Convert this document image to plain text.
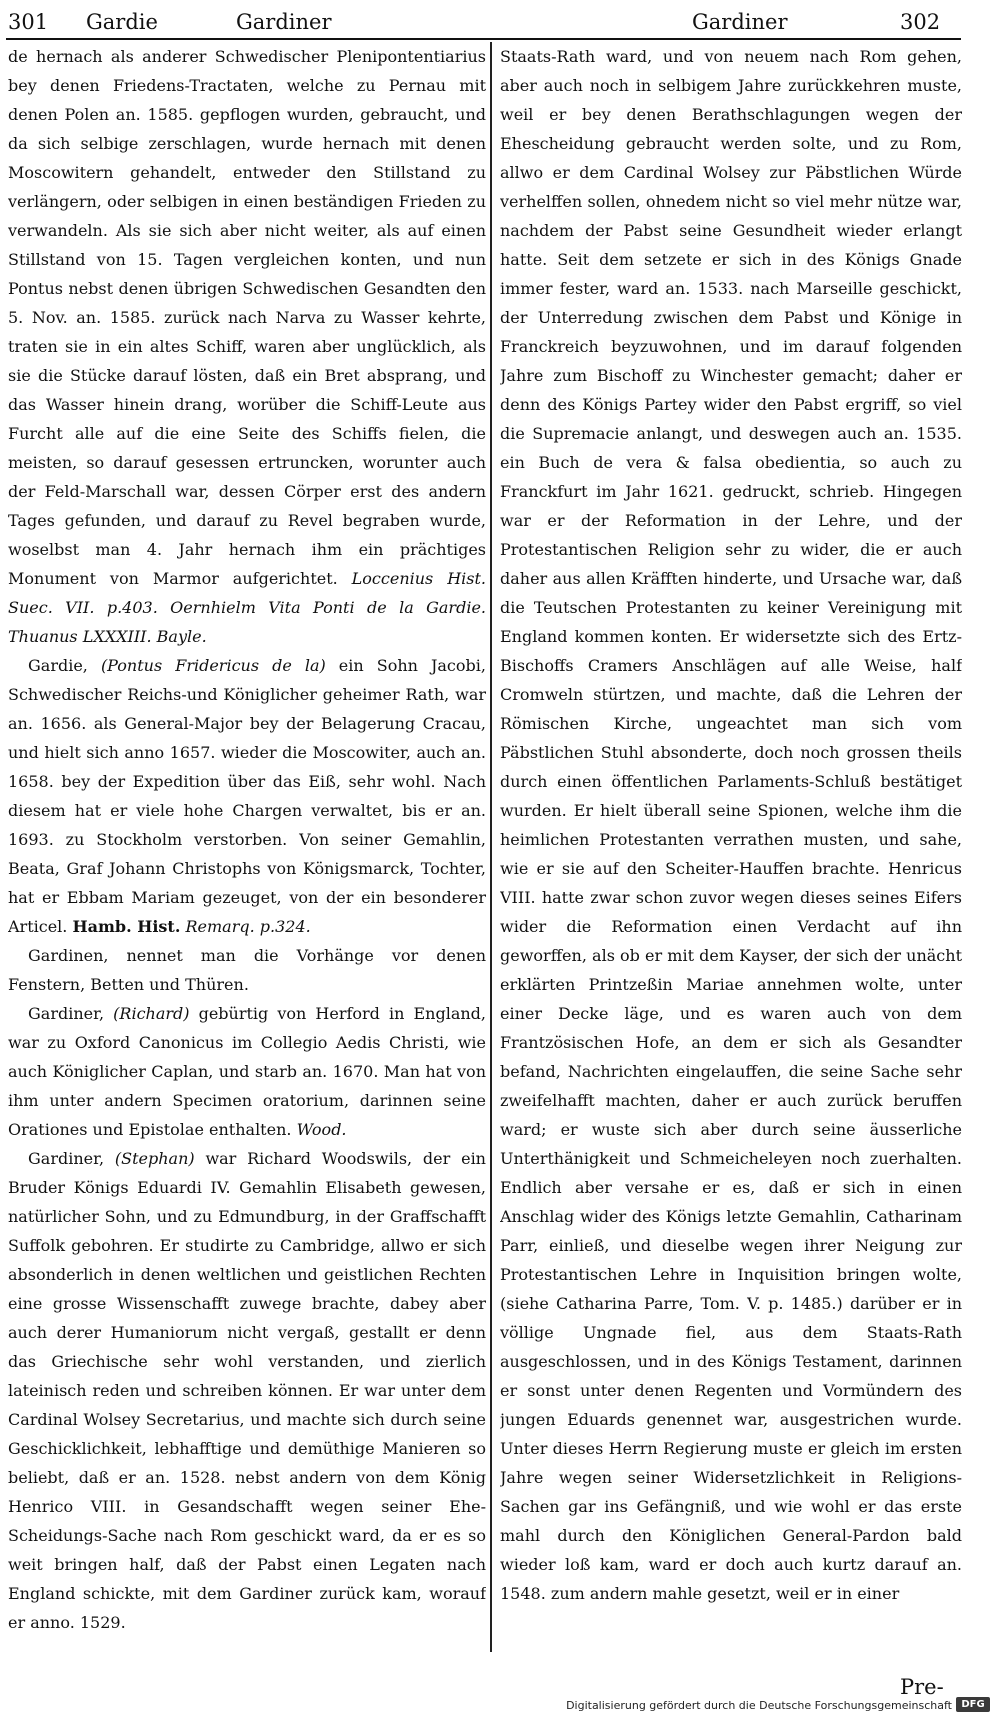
301 Gardie	Gardiner	Gardiner	302

de hernach als anderer Schwedischer Plenipontentiarius bey denen Friedens-Tractaten, welche zu Pernau mit denen Polen an. 1585. gepflogen wurden, gebraucht, und da sich selbige zerschlagen, wurde hernach mit denen Moscowitern gehandelt, entweder den Stillstand zu verlängern, oder selbigen in einen beständigen Frieden zu verwandeln. Als sie sich aber nicht weiter, als auf einen Stillstand von 15. Tagen vergleichen konten, und nun Pontus nebst denen übrigen Schwedischen Gesandten den 5. Nov. an. 1585. zurück nach Narva zu Wasser kehrte, traten sie in ein altes Schiff, waren aber unglücklich, als sie die Stücke darauf lösten, daß ein Bret absprang, und das Wasser hinein drang, worüber die Schiff-Leute aus Furcht alle auf die eine Seite des Schiffs fielen, die meisten, so darauf gesessen ertruncken, worunter auch der Feld-Marschall war, dessen Cörper erst des andern Tages gefunden, und darauf zu Revel begraben wurde, woselbst man 4. Jahr hernach ihm ein prächtiges Monument von Marmor aufgerichtet. Loccenius Hist. Suec. VII. p.403. Oernhielm Vita Ponti de la Gardie. Thuanus LXXXIII. Bayle.

Gardie, (Pontus Fridericus de la) ein Sohn Jacobi, Schwedischer Reichs-und Königlicher geheimer Rath, war an. 1656. als General-Major bey der Belagerung Cracau, und hielt sich anno 1657. wieder die Moscowiter, auch an. 1658. bey der Expedition über das Eiß, sehr wohl. Nach diesem hat er viele hohe Chargen verwaltet, bis er an. 1693. zu Stockholm verstorben. Von seiner Gemahlin, Beata, Graf Johann Christophs von Königsmarck, Tochter, hat er Ebbam Mariam gezeuget, von der ein besonderer Articel. Hamb. Hist. Remarq. p.324.

Gardinen, nennet man die Vorhänge vor denen Fenstern, Betten und Thüren.

Gardiner, (Richard) gebürtig von Herford in England, war zu Oxford Canonicus im Collegio Aedis Christi, wie auch Königlicher Caplan, und starb an. 1670. Man hat von ihm unter andern Specimen oratorium, darinnen seine Orationes und Epistolae enthalten. Wood.

Gardiner, (Stephan) war Richard Woodswils, der ein Bruder Königs Eduardi IV. Gemahlin Elisabeth gewesen, natürlicher Sohn, und zu Edmundburg, in der Graffschafft Suffolk gebohren. Er studirte zu Cambridge, allwo er sich absonderlich in denen weltlichen und geistlichen Rechten eine grosse Wissenschafft zuwege brachte, dabey aber auch derer Humaniorum nicht vergaß, gestallt er denn das Griechische sehr wohl verstanden, und zierlich lateinisch reden und schreiben können. Er war unter dem Cardinal Wolsey Secretarius, und machte sich durch seine Geschicklichkeit, lebhafftige und demüthige Manieren so beliebt, daß er an. 1528. nebst andern von dem König Henrico VIII. in Gesandschafft wegen seiner Ehe-Scheidungs-Sache nach Rom geschickt ward, da er es so weit bringen half, daß der Pabst einen Legaten nach England schickte, mit dem Gardiner zurück kam, worauf er anno. 1529.

Staats-Rath ward, und von neuem nach Rom gehen, aber auch noch in selbigem Jahre zurückkehren muste, weil er bey denen Berathschlagungen wegen der Ehescheidung gebraucht werden solte, und zu Rom, allwo er dem Cardinal Wolsey zur Päbstlichen Würde verhelffen sollen, ohnedem nicht so viel mehr nütze war, nachdem der Pabst seine Gesundheit wieder erlangt hatte. Seit dem setzete er sich in des Königs Gnade immer fester, ward an. 1533. nach Marseille geschickt, der Unterredung zwischen dem Pabst und Könige in Franckreich beyzuwohnen, und im darauf folgenden Jahre zum Bischoff zu Winchester gemacht; daher er denn des Königs Partey wider den Pabst ergriff, so viel die Supremacie anlangt, und deswegen auch an. 1535. ein Buch de vera & falsa obedientia, so auch zu Franckfurt im Jahr 1621. gedruckt, schrieb. Hingegen war er der Reformation in der Lehre, und der Protestantischen Religion sehr zu wider, die er auch daher aus allen Kräfften hinderte, und Ursache war, daß die Teutschen Protestanten zu keiner Vereinigung mit England kommen konten. Er widersetzte sich des Ertz-Bischoffs Cramers Anschlägen auf alle Weise, half Cromweln stürtzen, und machte, daß die Lehren der Römischen Kirche, ungeachtet man sich vom Päbstlichen Stuhl absonderte, doch noch grossen theils durch einen öffentlichen Parlaments-Schluß bestätiget wurden. Er hielt überall seine Spionen, welche ihm die heimlichen Protestanten verrathen musten, und sahe, wie er sie auf den Scheiter-Hauffen brachte. Henricus VIII. hatte zwar schon zuvor wegen dieses seines Eifers wider die Reformation einen Verdacht auf ihn geworffen, als ob er mit dem Kayser, der sich der unächt erklärten Printzeßin Mariae annehmen wolte, unter einer Decke läge, und es waren auch von dem Frantzösischen Hofe, an dem er sich als Gesandter befand, Nachrichten eingelauffen, die seine Sache sehr zweifelhafft machten, daher er auch zurück beruffen ward; er wuste sich aber durch seine äusserliche Unterthänigkeit und Schmeicheleyen noch zuerhalten. Endlich aber versahe er es, daß er sich in einen Anschlag wider des Königs letzte Gemahlin, Catharinam Parr, einließ, und dieselbe wegen ihrer Neigung zur Protestantischen Lehre in Inquisition bringen wolte, (siehe Catharina Parre, Tom. V. p. 1485.) darüber er in völlige Ungnade fiel, aus dem Staats-Rath ausgeschlossen, und in des Königs Testament, darinnen er sonst unter denen Regenten und Vormündern des jungen Eduards genennet war, ausgestrichen wurde. Unter dieses Herrn Regierung muste er gleich im ersten Jahre wegen seiner Widersetzlichkeit in Religions-Sachen gar ins Gefängniß, und wie wohl er das erste mahl durch den Königlichen General-Pardon bald wieder loß kam, ward er doch auch kurtz darauf an. 1548. zum andern mahle gesetzt, weil er in einer

Pre-
Digitalisierung gefördert durch die Deutsche Forschungsgemeinschaft DFG
